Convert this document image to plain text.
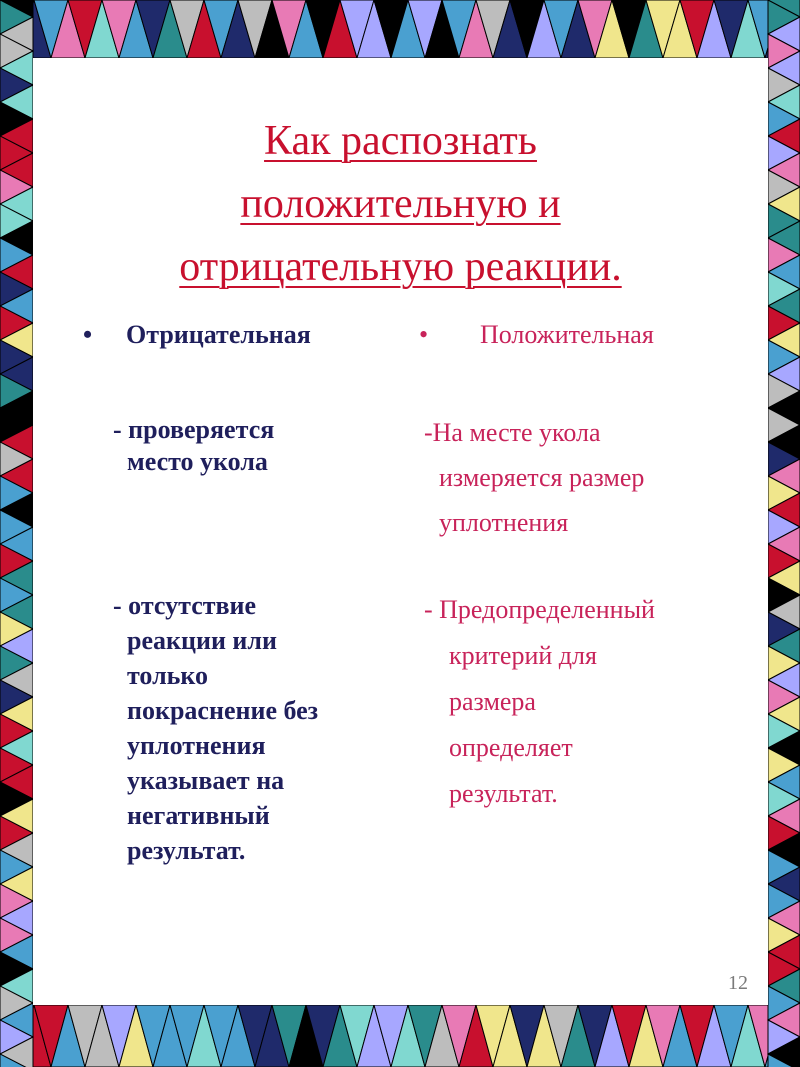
Как распознать
положительную и
отрицательную реакции.
• Отрицательная
- проверяется
место укола
- отсутствие
реакции или
только
покраснение без
уплотнения
указывает на
негативный
результат.
• Положительная
-На месте укола
измеряется размер
уплотнения
- Предопределенный
критерий для
размера
определяет
результат.
12
